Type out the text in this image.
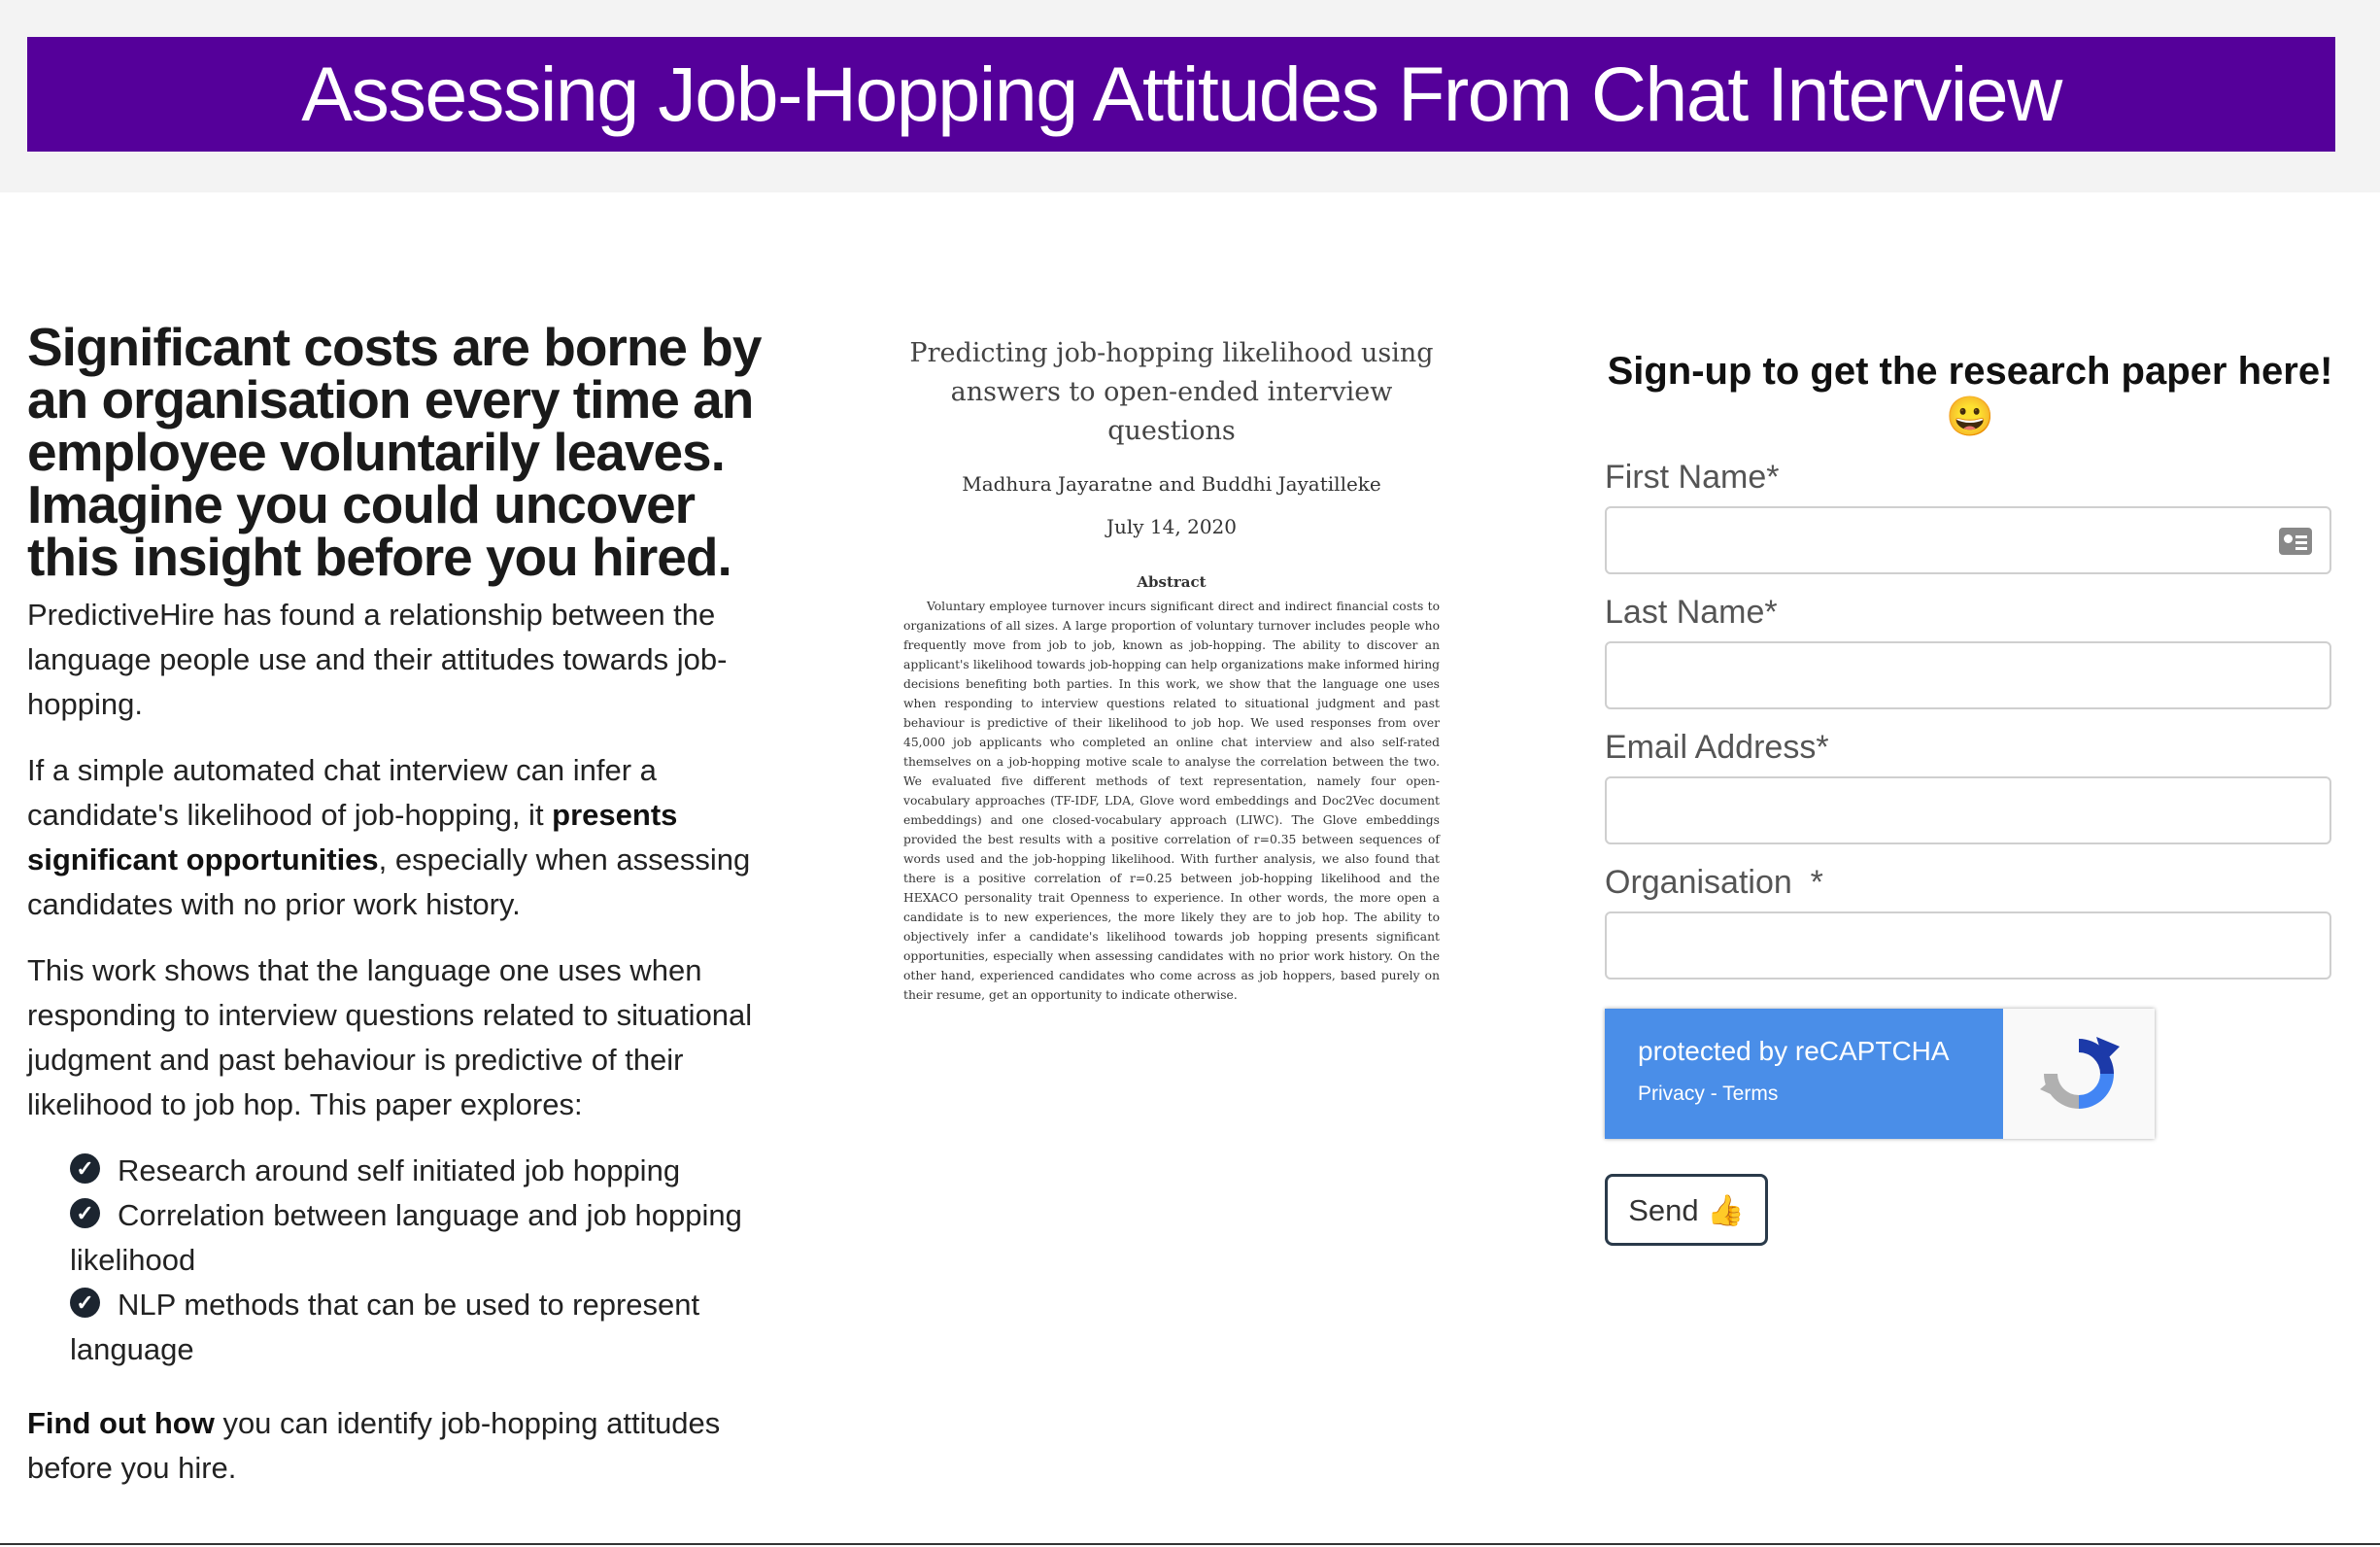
Assessing Job-Hopping Attitudes From Chat Interview
Significant costs are borne by an organisation every time an employee voluntarily leaves. Imagine you could uncover this insight before you hired.

PredictiveHire has found a relationship between the language people use and their attitudes towards job-hopping.

If a simple automated chat interview can infer a candidate's likelihood of job-hopping, it presents significant opportunities, especially when assessing candidates with no prior work history.

This work shows that the language one uses when responding to interview questions related to situational judgment and past behaviour is predictive of their likelihood to job hop. This paper explores:

✓ Research around self initiated job hopping
✓ Correlation between language and job hopping likelihood
✓ NLP methods that can be used to represent language

Find out how you can identify job-hopping attitudes before you hire.

Predicting job-hopping likelihood using answers to open-ended interview questions
Madhura Jayaratne and Buddhi Jayatilleke
July 14, 2020
Abstract
Voluntary employee turnover incurs significant direct and indirect financial costs to organizations of all sizes. A large proportion of voluntary turnover includes people who frequently move from job to job, known as job-hopping. The ability to discover an applicant's likelihood towards job-hopping can help organizations make informed hiring decisions benefiting both parties. In this work, we show that the language one uses when responding to interview questions related to situational judgment and past behaviour is predictive of their likelihood to job hop. We used responses from over 45,000 job applicants who completed an online chat interview and also self-rated themselves on a job-hopping motive scale to analyse the correlation between the two. We evaluated five different methods of text representation, namely four open-vocabulary approaches (TF-IDF, LDA, Glove word embeddings and Doc2Vec document embeddings) and one closed-vocabulary approach (LIWC). The Glove embeddings provided the best results with a positive correlation of r=0.35 between sequences of words used and the job-hopping likelihood. With further analysis, we also found that there is a positive correlation of r=0.25 between job-hopping likelihood and the HEXACO personality trait Openness to experience. In other words, the more open a candidate is to new experiences, the more likely they are to job hop. The ability to objectively infer a candidate's likelihood towards job hopping presents significant opportunities, especially when assessing candidates with no prior work history. On the other hand, experienced candidates who come across as job hoppers, based purely on their resume, get an opportunity to indicate otherwise.
Sign-up to get the research paper here! 😀
First Name*
Last Name*
Email Address*
Organisation  *
protected by reCAPTCHA
Privacy - Terms
Send 👍
